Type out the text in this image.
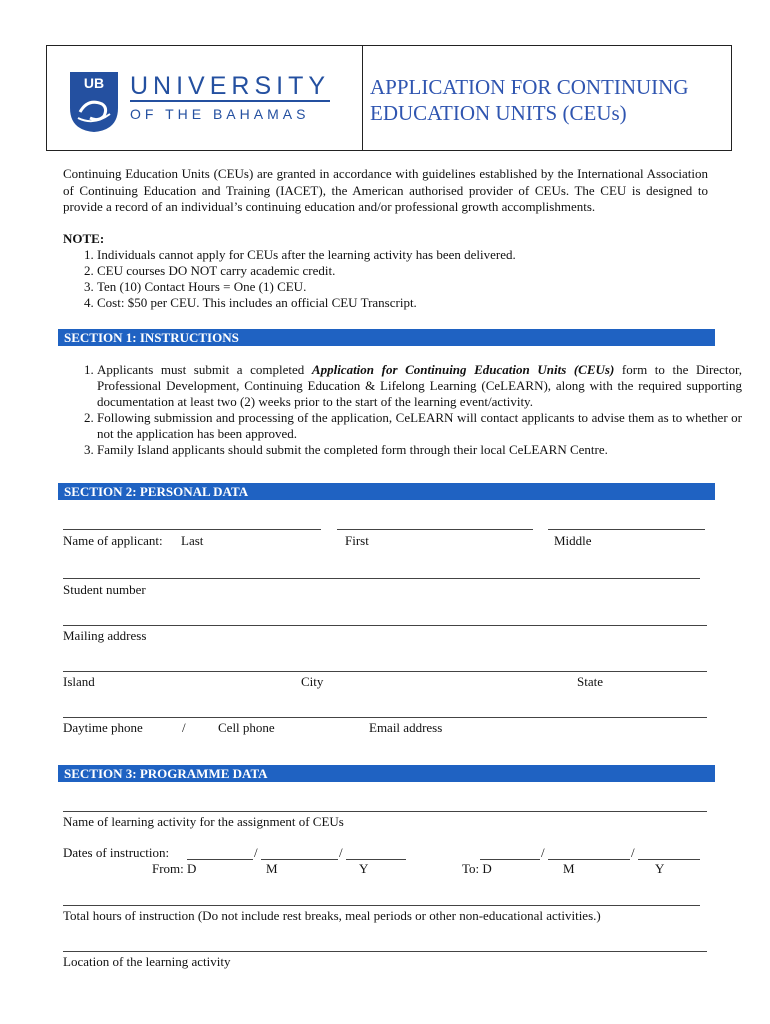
UB UNIVERSITY
OF THE BAHAMAS
APPLICATION FOR CONTINUING
EDUCATION UNITS (CEUs)
Continuing Education Units (CEUs) are granted in accordance with guidelines established by the International Association of Continuing Education and Training (IACET), the American authorised provider of CEUs. The CEU is designed to provide a record of an individual’s continuing education and/or professional growth accomplishments.
NOTE:
1. Individuals cannot apply for CEUs after the learning activity has been delivered.
2. CEU courses DO NOT carry academic credit.
3. Ten (10) Contact Hours = One (1) CEU.
4. Cost: $50 per CEU. This includes an official CEU Transcript.
SECTION 1: INSTRUCTIONS
1. Applicants must submit a completed Application for Continuing Education Units (CEUs) form to the Director, Professional Development, Continuing Education & Lifelong Learning (CeLEARN), along with the required supporting documentation at least two (2) weeks prior to the start of the learning event/activity.
2. Following submission and processing of the application, CeLEARN will contact applicants to advise them as to whether or not the application has been approved.
3. Family Island applicants should submit the completed form through their local CeLEARN Centre.
SECTION 2: PERSONAL DATA
Name of applicant: Last	First	Middle
Student number
Mailing address
Island	City	State
Daytime phone	/ Cell phone	Email address
SECTION 3: PROGRAMME DATA
Name of learning activity for the assignment of CEUs
Dates of instruction:	/	/	/	/
From: D	M	Y	To: D	M	Y
Total hours of instruction (Do not include rest breaks, meal periods or other non-educational activities.)
Location of the learning activity
